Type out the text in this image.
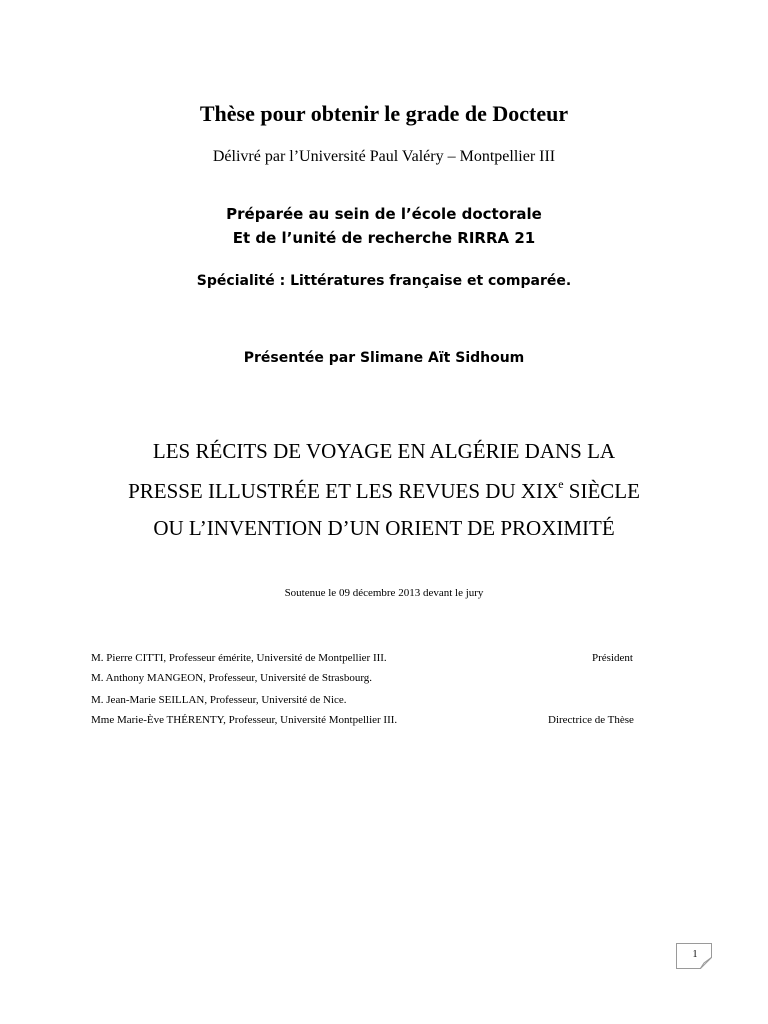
Thèse pour obtenir le grade de Docteur
Délivré par l’Université Paul Valéry – Montpellier III
Préparée au sein de l’école doctorale
Et de l’unité de recherche RIRRA 21
Spécialité : Littératures française et comparée.
Présentée par Slimane Aït Sidhoum
LES RÉCITS DE VOYAGE EN ALGÉRIE DANS LA
PRESSE ILLUSTRÉE ET LES REVUES DU XIXe SIÈCLE
OU L’INVENTION D’UN ORIENT DE PROXIMITÉ
Soutenue le 09 décembre 2013 devant le jury
M. Pierre CITTI, Professeur émérite, Université de Montpellier III.	Président
M. Anthony MANGEON, Professeur, Université de Strasbourg.
M. Jean-Marie SEILLAN, Professeur, Université de Nice.
Mme Marie-Ève THÉRENTY, Professeur, Université Montpellier III.	Directrice de Thèse
1
